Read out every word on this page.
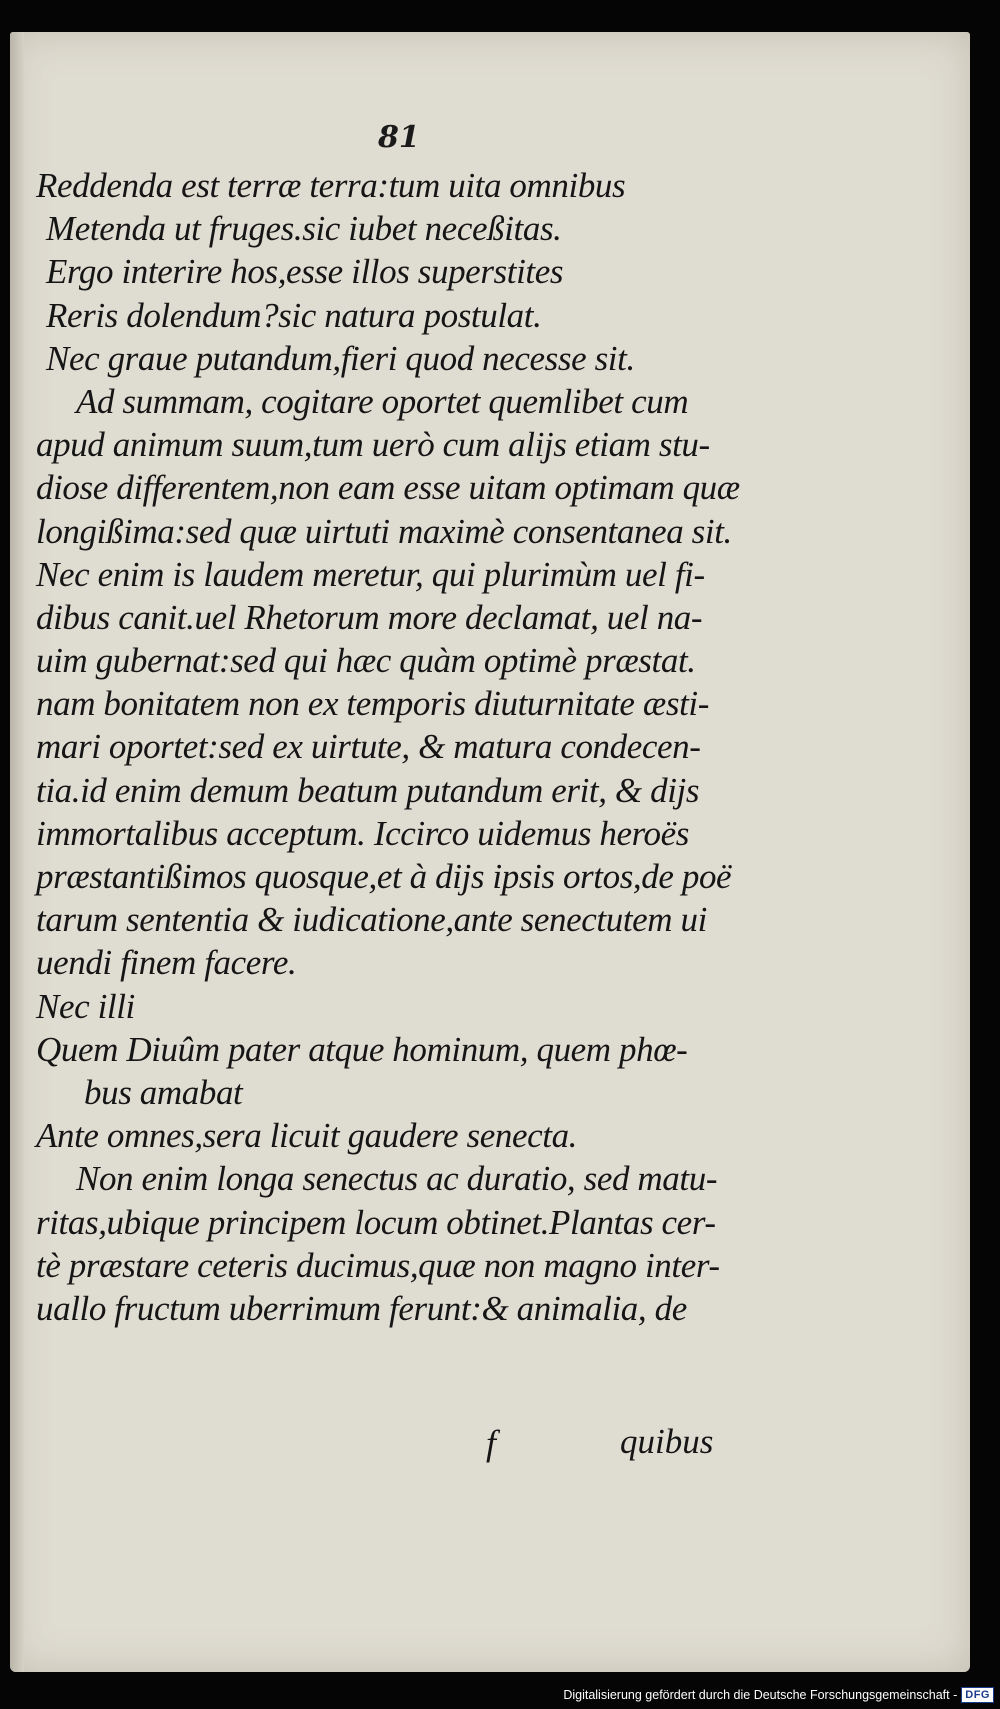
81
Reddenda est terræ terra:tum uita omnibus
Metenda ut fruges.sic iubet neceßitas.
Ergo interire hos,esse illos superstites
Reris dolendum?sic natura postulat.
Nec graue putandum,fieri quod necesse sit.
Ad summam, cogitare oportet quemlibet cum
apud animum suum,tum uerò cum alijs etiam stu-
diose differentem,non eam esse uitam optimam quæ
longißima:sed quæ uirtuti maximè consentanea sit.
Nec enim is laudem meretur, qui plurimùm uel fi-
dibus canit.uel Rhetorum more declamat, uel na-
uim gubernat:sed qui hæc quàm optimè præstat.
nam bonitatem non ex temporis diuturnitate æsti-
mari oportet:sed ex uirtute, & matura condecen-
tia.id enim demum beatum putandum erit, & dijs
immortalibus acceptum. Iccirco uidemus heroës
præstantißimos quosque,et à dijs ipsis ortos,de poë
tarum sententia & iudicatione,ante senectutem ui
uendi finem facere.
Nec illi
Quem Diuûm pater atque hominum, quem phœ-
bus amabat
Ante omnes,sera licuit gaudere senecta.
Non enim longa senectus ac duratio, sed matu-
ritas,ubique principem locum obtinet.Plantas cer-
tè præstare ceteris ducimus,quæ non magno inter-
uallo fructum uberrimum ferunt:& animalia, de
f	quibus
Digitalisierung gefördert durch die Deutsche Forschungsgemeinschaft - DFG
